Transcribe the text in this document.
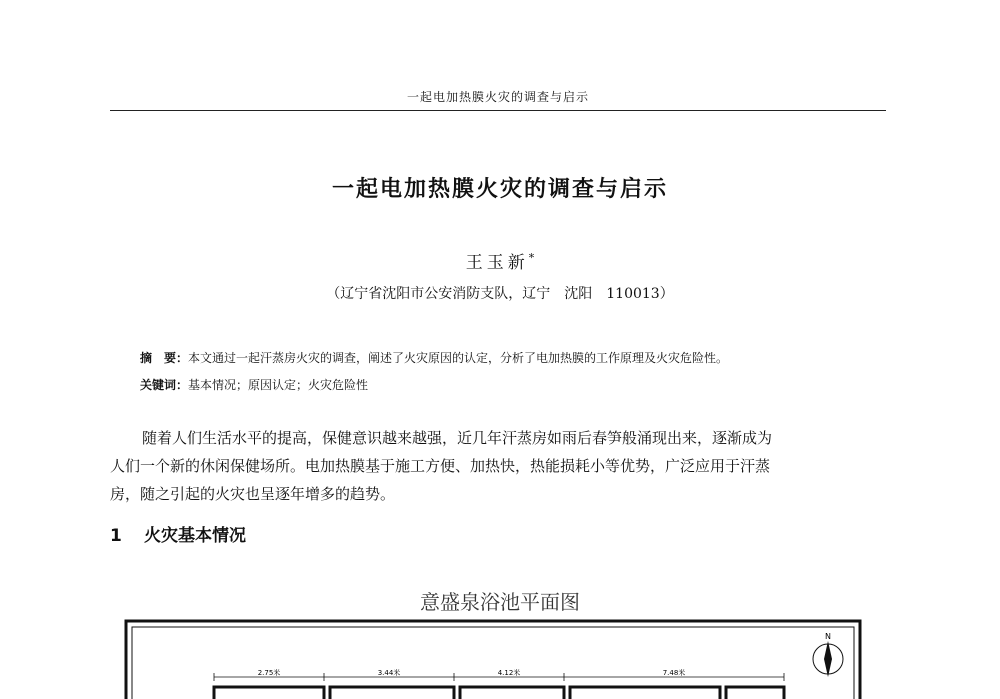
一起电加热膜火灾的调查与启示
一起电加热膜火灾的调查与启示
王玉新*
（辽宁省沈阳市公安消防支队，辽宁　沈阳　110013）
摘　要：本文通过一起汗蒸房火灾的调查，阐述了火灾原因的认定，分析了电加热膜的工作原理及火灾危险性。
关键词：基本情况；原因认定；火灾危险性
随着人们生活水平的提高，保健意识越来越强，近几年汗蒸房如雨后春笋般涌现出来，逐渐成为
人们一个新的休闲保健场所。电加热膜基于施工方便、加热快，热能损耗小等优势，广泛应用于汗蒸
房，随之引起的火灾也呈逐年增多的趋势。
1 火灾基本情况
意盛泉浴池平面图
N
2.75米	3.44米	4.12米	7.48米
